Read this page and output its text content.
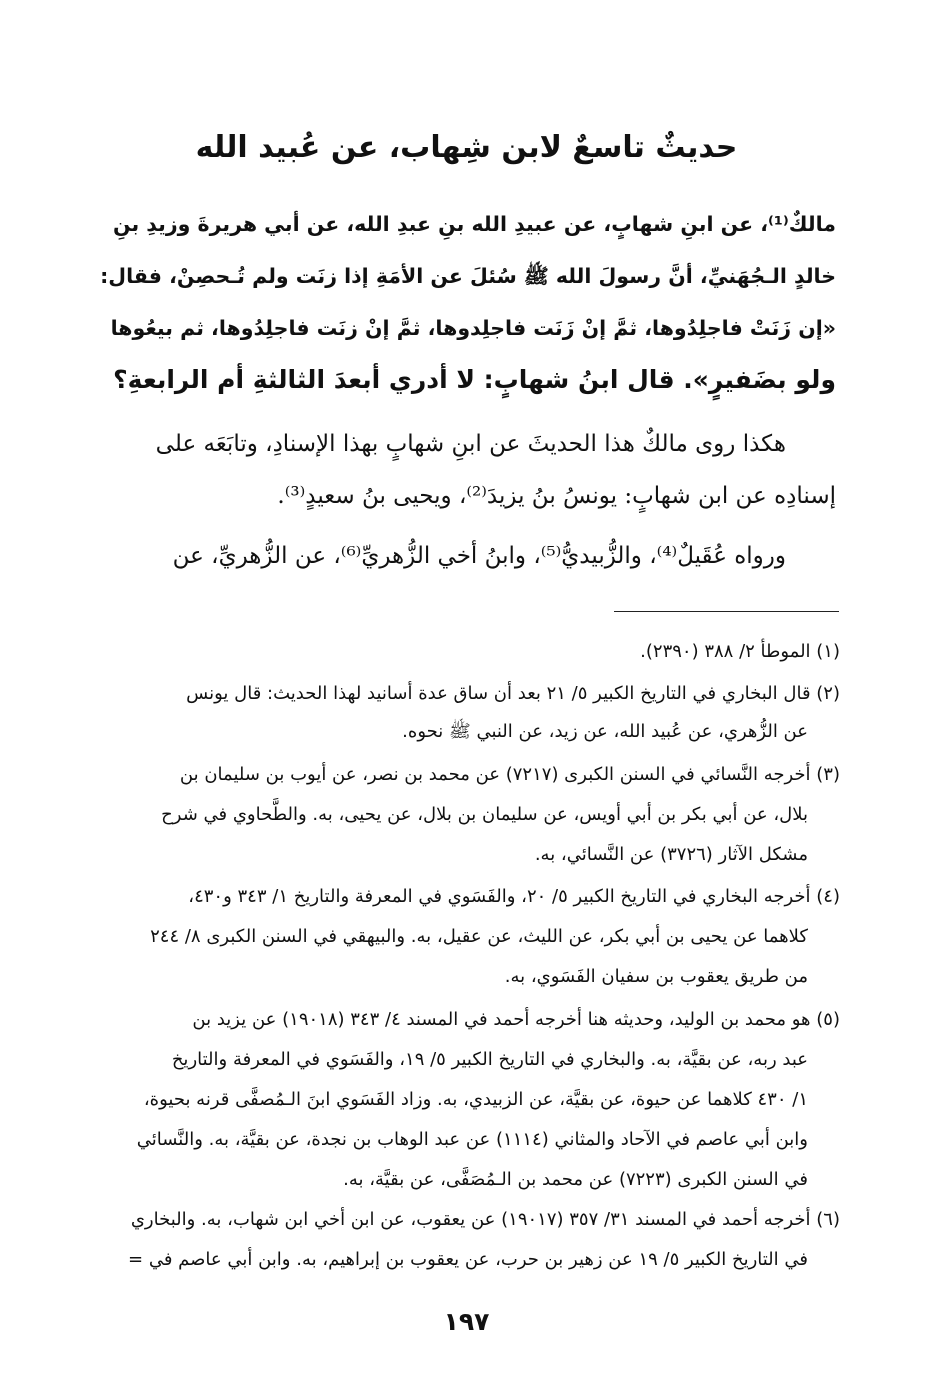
حديثٌ تاسعٌ لابن شِهاب، عن عُبيد الله
مالكٌ⁽¹⁾، عن ابنِ شهابٍ، عن عبيدِ الله بنِ عبدِ الله، عن أبي هريرةَ وزيدِ بنِ
خالدٍ الـجُهَنيِّ، أنَّ رسولَ الله ﷺ سُئلَ عن الأمَةِ إذا زنَت ولم تُـحصِنْ، فقال:
«إن زَنَتْ فاجلِدُوها، ثمَّ إنْ زَنَت فاجلِدوها، ثمَّ إنْ زنَت فاجلِدُوها، ثم بيعُوها
ولو بضَفيرٍ». قال ابنُ شهابٍ: لا أدري أبعدَ الثالثةِ أم الرابعةِ؟
هكذا روى مالكٌ هذا الحديثَ عن ابنِ شهابٍ بهذا الإسنادِ، وتابَعَه على
إسنادِه عن ابن شهابٍ: يونسُ بنُ يزيدَ⁽²⁾، ويحيى بنُ سعيدٍ⁽³⁾.
ورواه عُقَيلٌ⁽⁴⁾، والزُّبيديُّ⁽⁵⁾، وابنُ أخي الزُّهريِّ⁽⁶⁾، عن الزُّهريِّ، عن
(١) الموطأ ٢/ ٣٨٨ (٢٣٩٠).
(٢) قال البخاري في التاريخ الكبير ٥/ ٢١ بعد أن ساق عدة أسانيد لهذا الحديث: قال يونس
عن الزُّهري، عن عُبيد الله، عن زيد، عن النبي ﷺ نحوه.
(٣) أخرجه النَّسائي في السنن الكبرى (٧٢١٧) عن محمد بن نصر، عن أيوب بن سليمان بن
بلال، عن أبي بكر بن أبي أويس، عن سليمان بن بلال، عن يحيى، به. والطَّحاوي في شرح
مشكل الآثار (٣٧٢٦) عن النَّسائي، به.
(٤) أخرجه البخاري في التاريخ الكبير ٥/ ٢٠، والفَسَوي في المعرفة والتاريخ ١/ ٣٤٣ و٤٣٠،
كلاهما عن يحيى بن أبي بكر، عن الليث، عن عقيل، به. والبيهقي في السنن الكبرى ٨/ ٢٤٤
من طريق يعقوب بن سفيان الفَسَوي، به.
(٥) هو محمد بن الوليد، وحديثه هنا أخرجه أحمد في المسند ٤/ ٣٤٣ (١٩٠١٨) عن يزيد بن
عبد ربه، عن بقيَّة، به. والبخاري في التاريخ الكبير ٥/ ١٩، والفَسَوي في المعرفة والتاريخ
١/ ٤٣٠ كلاهما عن حيوة، عن بقيَّة، عن الزبيدي، به. وزاد الفَسَوي ابنَ الـمُصفَّى قرنه بحيوة،
وابن أبي عاصم في الآحاد والمثاني (١١١٤) عن عبد الوهاب بن نجدة، عن بقيَّة، به. والنَّسائي
في السنن الكبرى (٧٢٢٣) عن محمد بن الـمُصَفَّى، عن بقيَّة، به.
(٦) أخرجه أحمد في المسند ٣١/ ٣٥٧ (١٩٠١٧) عن يعقوب، عن ابن أخي ابن شهاب، به. والبخاري
في التاريخ الكبير ٥/ ١٩ عن زهير بن حرب، عن يعقوب بن إبراهيم، به. وابن أبي عاصم في =
١٩٧
